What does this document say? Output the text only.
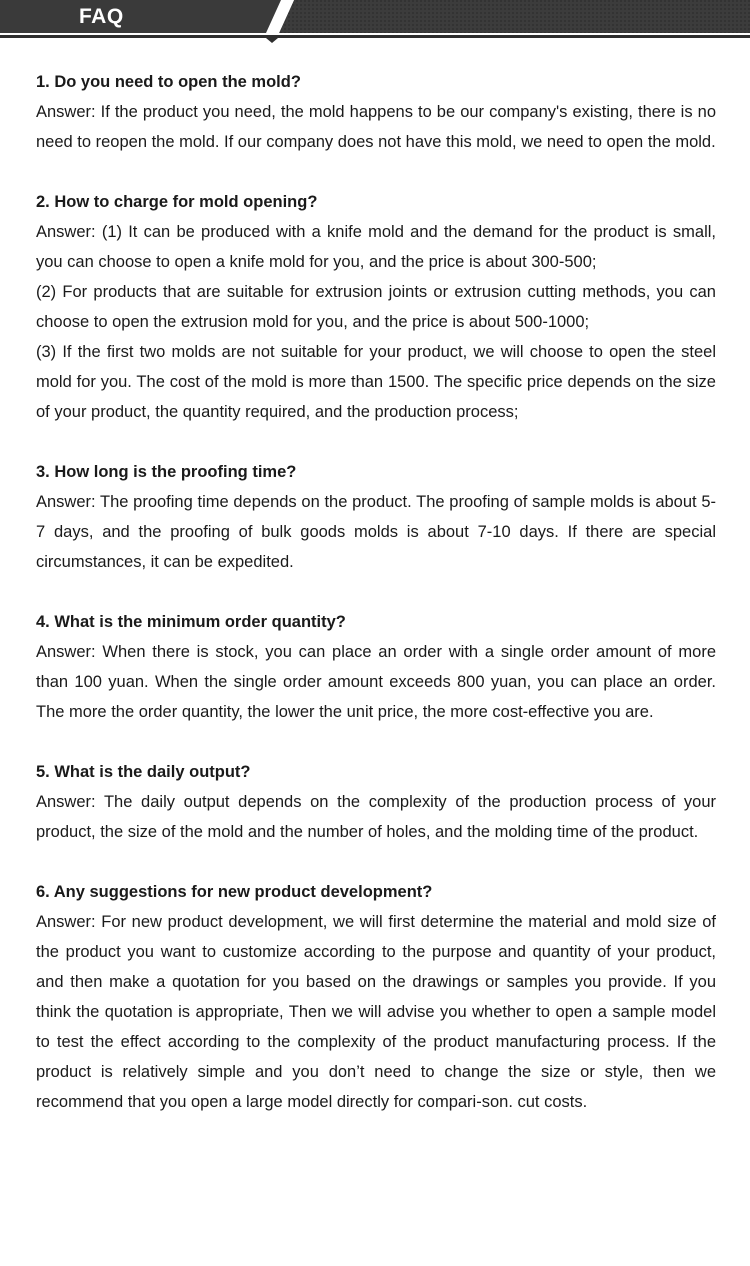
FAQ

1. Do you need to open the mold?

Answer: If the product you need, the mold happens to be our company's existing, there is no need to reopen the mold. If our company does not have this mold, we need to open the mold.

2. How to charge for mold opening?

Answer: (1) It can be produced with a knife mold and the demand for the product is small, you can choose to open a knife mold for you, and the price is about 300-500;

(2) For products that are suitable for extrusion joints or extrusion cutting methods, you can choose to open the extrusion mold for you, and the price is about 500-1000;

(3) If the first two molds are not suitable for your product, we will choose to open the steel mold for you. The cost of the mold is more than 1500. The specific price depends on the size of your product, the quantity required, and the production process;

3. How long is the proofing time?

Answer: The proofing time depends on the product. The proofing of sample molds is about 5-7 days, and the proofing of bulk goods molds is about 7-10 days. If there are special circumstances, it can be expedited.

4. What is the minimum order quantity?

Answer: When there is stock, you can place an order with a single order amount of more than 100 yuan. When the single order amount exceeds 800 yuan, you can place an order. The more the order quantity, the lower the unit price, the more cost-effective you are.

5. What is the daily output?

Answer: The daily output depends on the complexity of the production process of your product, the size of the mold and the number of holes, and the molding time of the product.

6. Any suggestions for new product development?

Answer: For new product development, we will first determine the material and mold size of the product you want to customize according to the purpose and quantity of your product, and then make a quotation for you based on the drawings or samples you provide. If you think the quotation is appropriate, Then we will advise you whether to open a sample model to test the effect according to the complexity of the product manufacturing process. If the product is relatively simple and you don’t need to change the size or style, then we recommend that you open a large model directly for compari-son. cut costs.
